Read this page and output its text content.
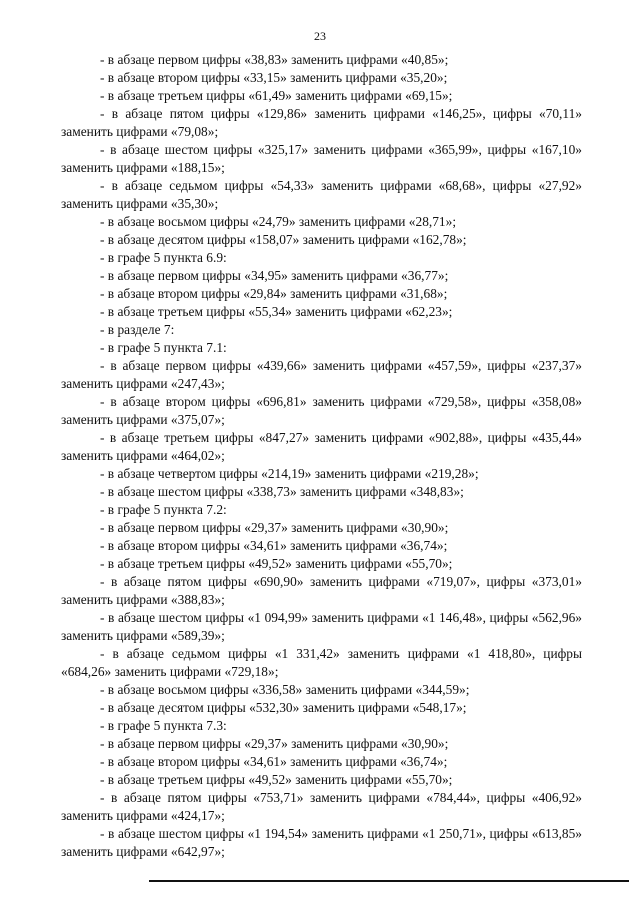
23

- в абзаце первом цифры «38,83» заменить цифрами «40,85»;

- в абзаце втором цифры «33,15» заменить цифрами «35,20»;

- в абзаце третьем цифры «61,49» заменить цифрами «69,15»;

- в абзаце пятом цифры «129,86» заменить цифрами «146,25», цифры «70,11» заменить цифрами «79,08»;

- в абзаце шестом цифры «325,17» заменить цифрами «365,99», цифры «167,10» заменить цифрами «188,15»;

- в абзаце седьмом цифры «54,33» заменить цифрами «68,68», цифры «27,92» заменить цифрами «35,30»;

- в абзаце восьмом цифры «24,79» заменить цифрами «28,71»;

- в абзаце десятом цифры «158,07» заменить цифрами «162,78»;

- в графе 5 пункта 6.9:

- в абзаце первом цифры «34,95» заменить цифрами «36,77»;

- в абзаце втором цифры «29,84» заменить цифрами «31,68»;

- в абзаце третьем цифры «55,34» заменить цифрами «62,23»;

- в разделе 7:

- в графе 5 пункта 7.1:

- в абзаце первом цифры «439,66» заменить цифрами «457,59», цифры «237,37» заменить цифрами «247,43»;

- в абзаце втором цифры «696,81» заменить цифрами «729,58», цифры «358,08» заменить цифрами «375,07»;

- в абзаце третьем цифры «847,27» заменить цифрами «902,88», цифры «435,44» заменить цифрами «464,02»;

- в абзаце четвертом цифры «214,19» заменить цифрами «219,28»;

- в абзаце шестом цифры «338,73» заменить цифрами «348,83»;

- в графе 5 пункта 7.2:

- в абзаце первом цифры «29,37» заменить цифрами «30,90»;

- в абзаце втором цифры «34,61» заменить цифрами «36,74»;

- в абзаце третьем цифры «49,52» заменить цифрами «55,70»;

- в абзаце пятом цифры «690,90» заменить цифрами «719,07», цифры «373,01» заменить цифрами «388,83»;

- в абзаце шестом цифры «1 094,99» заменить цифрами «1 146,48», цифры «562,96» заменить цифрами «589,39»;

- в абзаце седьмом цифры «1 331,42» заменить цифрами «1 418,80», цифры «684,26» заменить цифрами «729,18»;

- в абзаце восьмом цифры «336,58» заменить цифрами «344,59»;

- в абзаце десятом цифры «532,30» заменить цифрами «548,17»;

- в графе 5 пункта 7.3:

- в абзаце первом цифры «29,37» заменить цифрами «30,90»;

- в абзаце втором цифры «34,61» заменить цифрами «36,74»;

- в абзаце третьем цифры «49,52» заменить цифрами «55,70»;

- в абзаце пятом цифры «753,71» заменить цифрами «784,44», цифры «406,92» заменить цифрами «424,17»;

- в абзаце шестом цифры «1 194,54» заменить цифрами «1 250,71», цифры «613,85» заменить цифрами «642,97»;
